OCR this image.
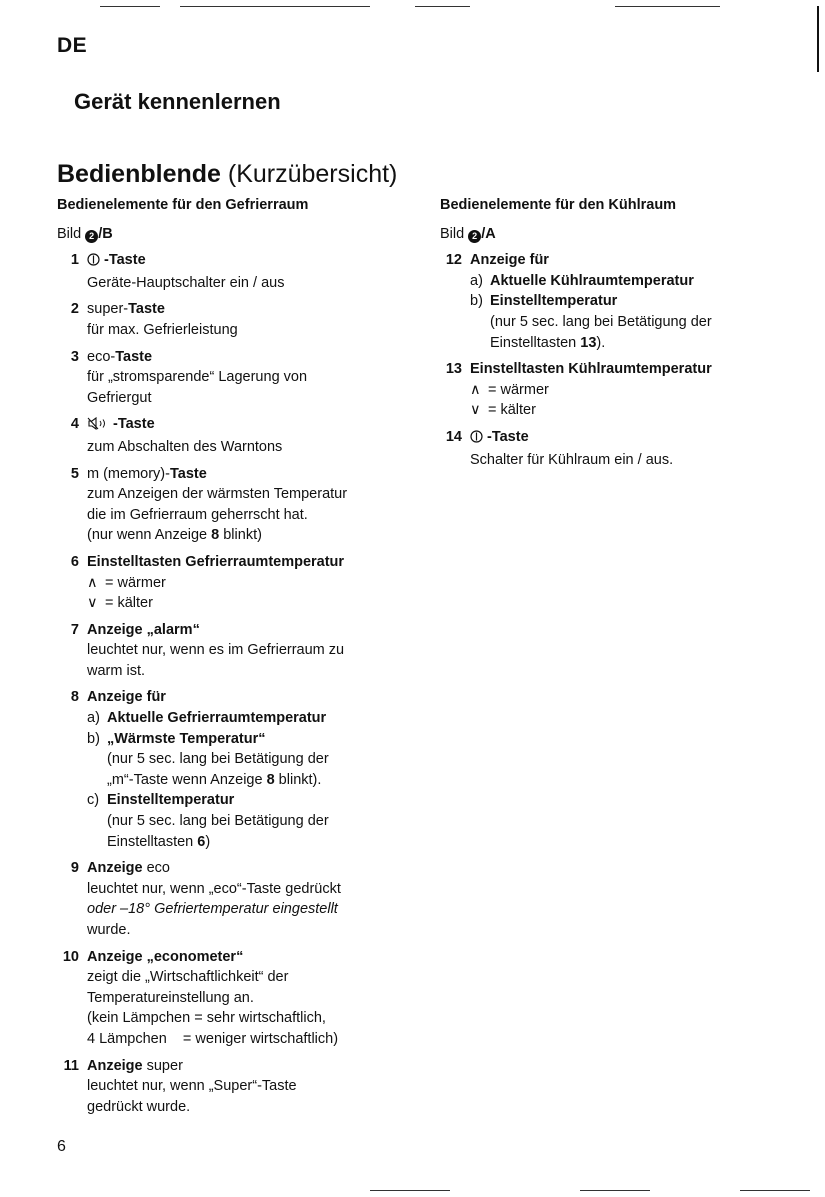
DE
Gerät kennenlernen
Bedienblende (Kurzübersicht)
Bedienelemente für den Gefrierraum
Bild 2 /B
1	-Taste
Geräte-Hauptschalter ein / aus
2 super-Taste
für max. Gefrierleistung
3 eco-Taste
für „stromsparende“ Lagerung von
Gefriergut
4	-Taste
zum Abschalten des Warntons
5 m (memory)-Taste
zum Anzeigen der wärmsten Temperatur
die im Gefrierraum geherrscht hat.
(nur wenn Anzeige 8 blinkt)
6 Einstelltasten Gefrierraumtemperatur
∧ = wärmer
∨ = kälter
7 Anzeige „alarm“
leuchtet nur, wenn es im Gefrierraum zu
warm ist.
8 Anzeige für
a) Aktuelle Gefrierraumtemperatur
b) „Wärmste Temperatur“
(nur 5 sec. lang bei Betätigung der
„m“-Taste wenn Anzeige 8 blinkt).
c) Einstelltemperatur
(nur 5 sec. lang bei Betätigung der
Einstelltasten 6)
9 Anzeige eco
leuchtet nur, wenn „eco“-Taste gedrückt
oder –18° Gefriertemperatur eingestellt
wurde.
10 Anzeige „econometer“
zeigt die „Wirtschaftlichkeit“ der
Temperatureinstellung an.
(kein Lämpchen = sehr wirtschaftlich,
4 Lämpchen    = weniger wirtschaftlich)
11 Anzeige super
leuchtet nur, wenn „Super“-Taste
gedrückt wurde.
Bedienelemente für den Kühlraum
Bild 2 /A
12 Anzeige für
a) Aktuelle Kühlraumtemperatur
b) Einstelltemperatur
(nur 5 sec. lang bei Betätigung der
Einstelltasten 13).
13 Einstelltasten Kühlraumtemperatur
∧ = wärmer
∨ = kälter
14	-Taste
Schalter für Kühlraum ein / aus.
6
